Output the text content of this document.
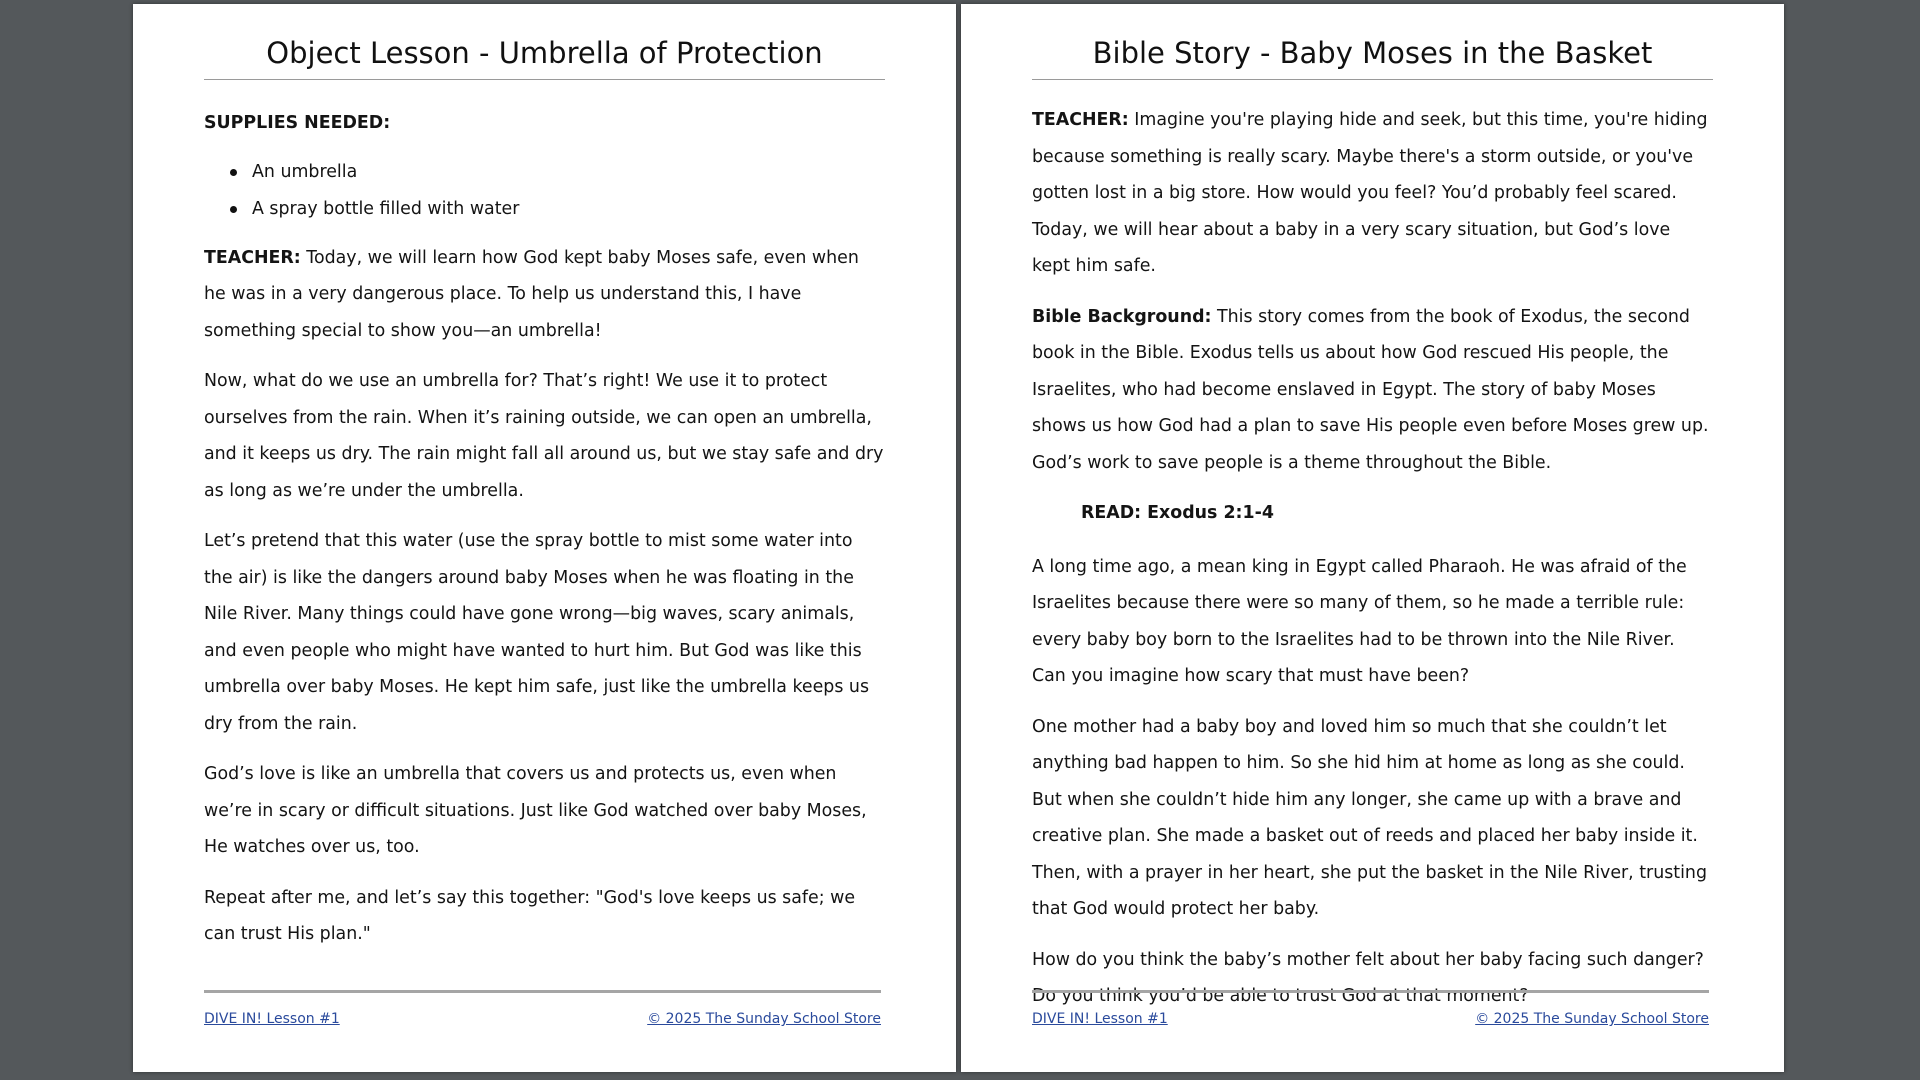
Object Lesson - Umbrella of Protection

SUPPLIES NEEDED:

An umbrella
A spray bottle filled with water

TEACHER: Today, we will learn how God kept baby Moses safe, even when he was in a very dangerous place. To help us understand this, I have something special to show you—an umbrella!

Now, what do we use an umbrella for? That’s right! We use it to protect ourselves from the rain. When it’s raining outside, we can open an umbrella, and it keeps us dry. The rain might fall all around us, but we stay safe and dry as long as we’re under the umbrella.

Let’s pretend that this water (use the spray bottle to mist some water into the air) is like the dangers around baby Moses when he was floating in the Nile River. Many things could have gone wrong—big waves, scary animals, and even people who might have wanted to hurt him. But God was like this umbrella over baby Moses. He kept him safe, just like the umbrella keeps us dry from the rain.

God’s love is like an umbrella that covers us and protects us, even when we’re in scary or difficult situations. Just like God watched over baby Moses, He watches over us, too.

Repeat after me, and let’s say this together: "God's love keeps us safe; we can trust His plan."

DIVE IN! Lesson #1	© 2025 The Sunday School Store
Bible Story - Baby Moses in the Basket

TEACHER: Imagine you're playing hide and seek, but this time, you're hiding because something is really scary. Maybe there's a storm outside, or you've gotten lost in a big store. How would you feel? You’d probably feel scared. Today, we will hear about a baby in a very scary situation, but God’s love kept him safe.

Bible Background: This story comes from the book of Exodus, the second book in the Bible. Exodus tells us about how God rescued His people, the Israelites, who had become enslaved in Egypt. The story of baby Moses shows us how God had a plan to save His people even before Moses grew up. God’s work to save people is a theme throughout the Bible.

READ: Exodus 2:1-4

A long time ago, a mean king in Egypt called Pharaoh. He was afraid of the Israelites because there were so many of them, so he made a terrible rule: every baby boy born to the Israelites had to be thrown into the Nile River. Can you imagine how scary that must have been?

One mother had a baby boy and loved him so much that she couldn’t let anything bad happen to him. So she hid him at home as long as she could. But when she couldn’t hide him any longer, she came up with a brave and creative plan. She made a basket out of reeds and placed her baby inside it. Then, with a prayer in her heart, she put the basket in the Nile River, trusting that God would protect her baby.

How do you think the baby’s mother felt about her baby facing such danger? Do you think you’d be able to trust God at that moment?

DIVE IN! Lesson #1	© 2025 The Sunday School Store
